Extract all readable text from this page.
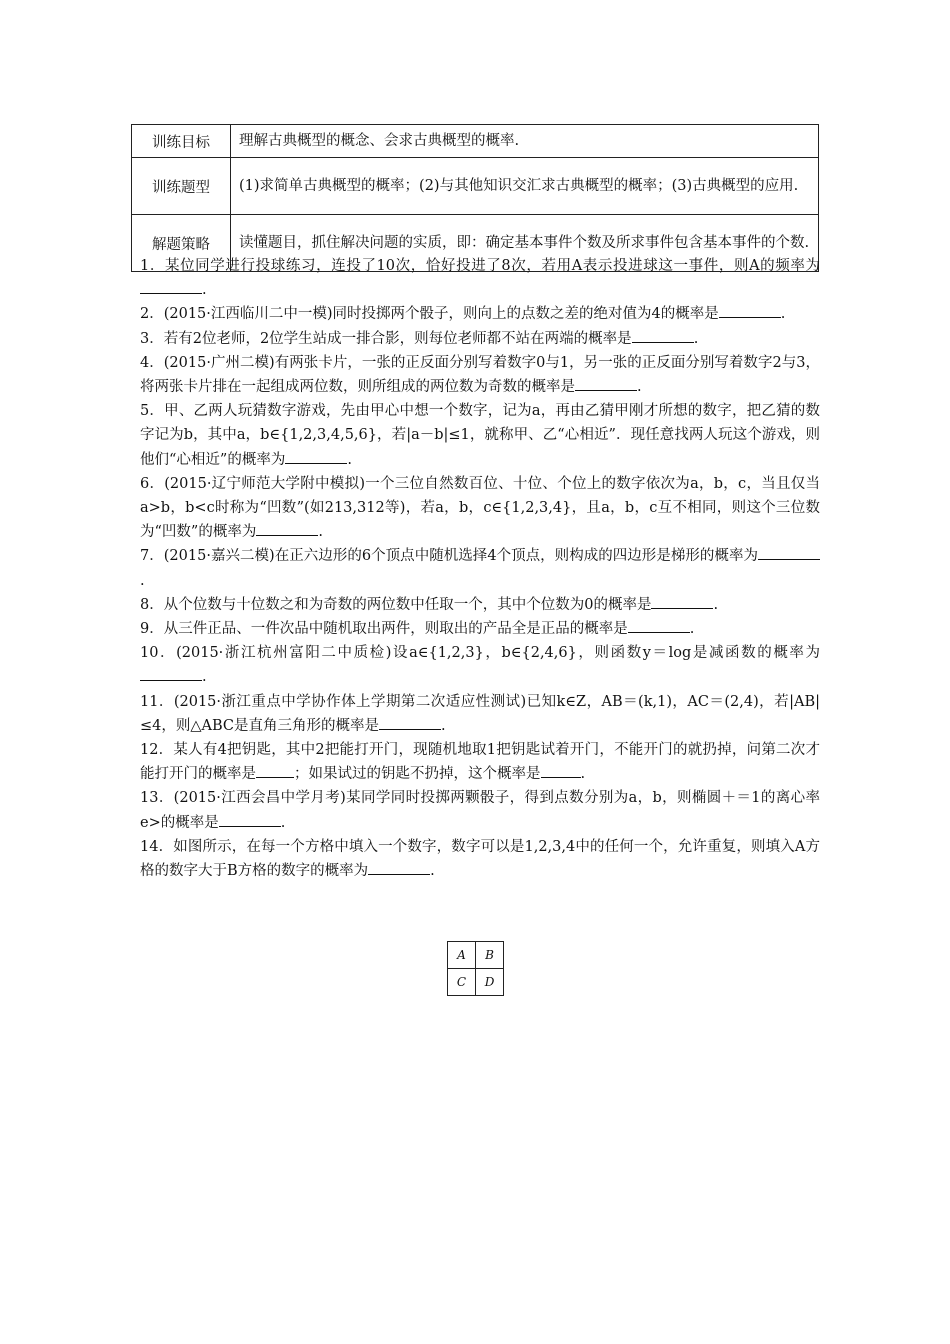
训练目标	理解古典概型的概念、会求古典概型的概率.
训练题型	(1)求简单古典概型的概率；(2)与其他知识交汇求古典概型的概率；(3)古典概型的应用.
解题策略	读懂题目，抓住解决问题的实质，即：确定基本事件个数及所求事件包含基本事件的个数.

1．某位同学进行投球练习，连投了10次，恰好投进了8次，若用A表示投进球这一事件，则A的频率为.

2．(2015·江西临川二中一模)同时投掷两个骰子，则向上的点数之差的绝对值为4的概率是	.

3．若有2位老师，2位学生站成一排合影，则每位老师都不站在两端的概率是	.

4．(2015·广州二模)有两张卡片，一张的正反面分别写着数字0与1，另一张的正反面分别写着数字2与3，将两张卡片排在一起组成两位数，则所组成的两位数为奇数的概率是	.

5．甲、乙两人玩猜数字游戏，先由甲心中想一个数字，记为a，再由乙猜甲刚才所想的数字，把乙猜的数字记为b，其中a，b∈{1,2,3,4,5,6}，若|a－b|≤1，就称甲、乙“心相近”．现任意找两人玩这个游戏，则他们“心相近”的概率为	.

6．(2015·辽宁师范大学附中模拟)一个三位自然数百位、十位、个位上的数字依次为a，b，c，当且仅当a>b，b<c时称为“凹数”(如213,312等)，若a，b，c∈{1,2,3,4}，且a，b，c互不相同，则这个三位数为“凹数”的概率为	.

7．(2015·嘉兴二模)在正六边形的6个顶点中随机选择4个顶点，则构成的四边形是梯形的概率为.

8．从个位数与十位数之和为奇数的两位数中任取一个，其中个位数为0的概率是	.

9．从三件正品、一件次品中随机取出两件，则取出的产品全是正品的概率是	.

10．(2015·浙江杭州富阳二中质检)设a∈{1,2,3}，b∈{2,4,6}，则函数y＝log是减函数的概率为.

11．(2015·浙江重点中学协作体上学期第二次适应性测试)已知k∈Z，AB＝(k,1)，AC＝(2,4)，若|AB|≤4，则△ABC是直角三角形的概率是	.

12．某人有4把钥匙，其中2把能打开门，现随机地取1把钥匙试着开门，不能开门的就扔掉，问第二次才能打开门的概率是	；如果试过的钥匙不扔掉，这个概率是	.

13．(2015·江西会昌中学月考)某同学同时投掷两颗骰子，得到点数分别为a，b，则椭圆＋＝1的离心率e>的概率是	.

14．如图所示，在每一个方格中填入一个数字，数字可以是1,2,3,4中的任何一个，允许重复，则填入A方格的数字大于B方格的数字的概率为	.

A	B
C	D
